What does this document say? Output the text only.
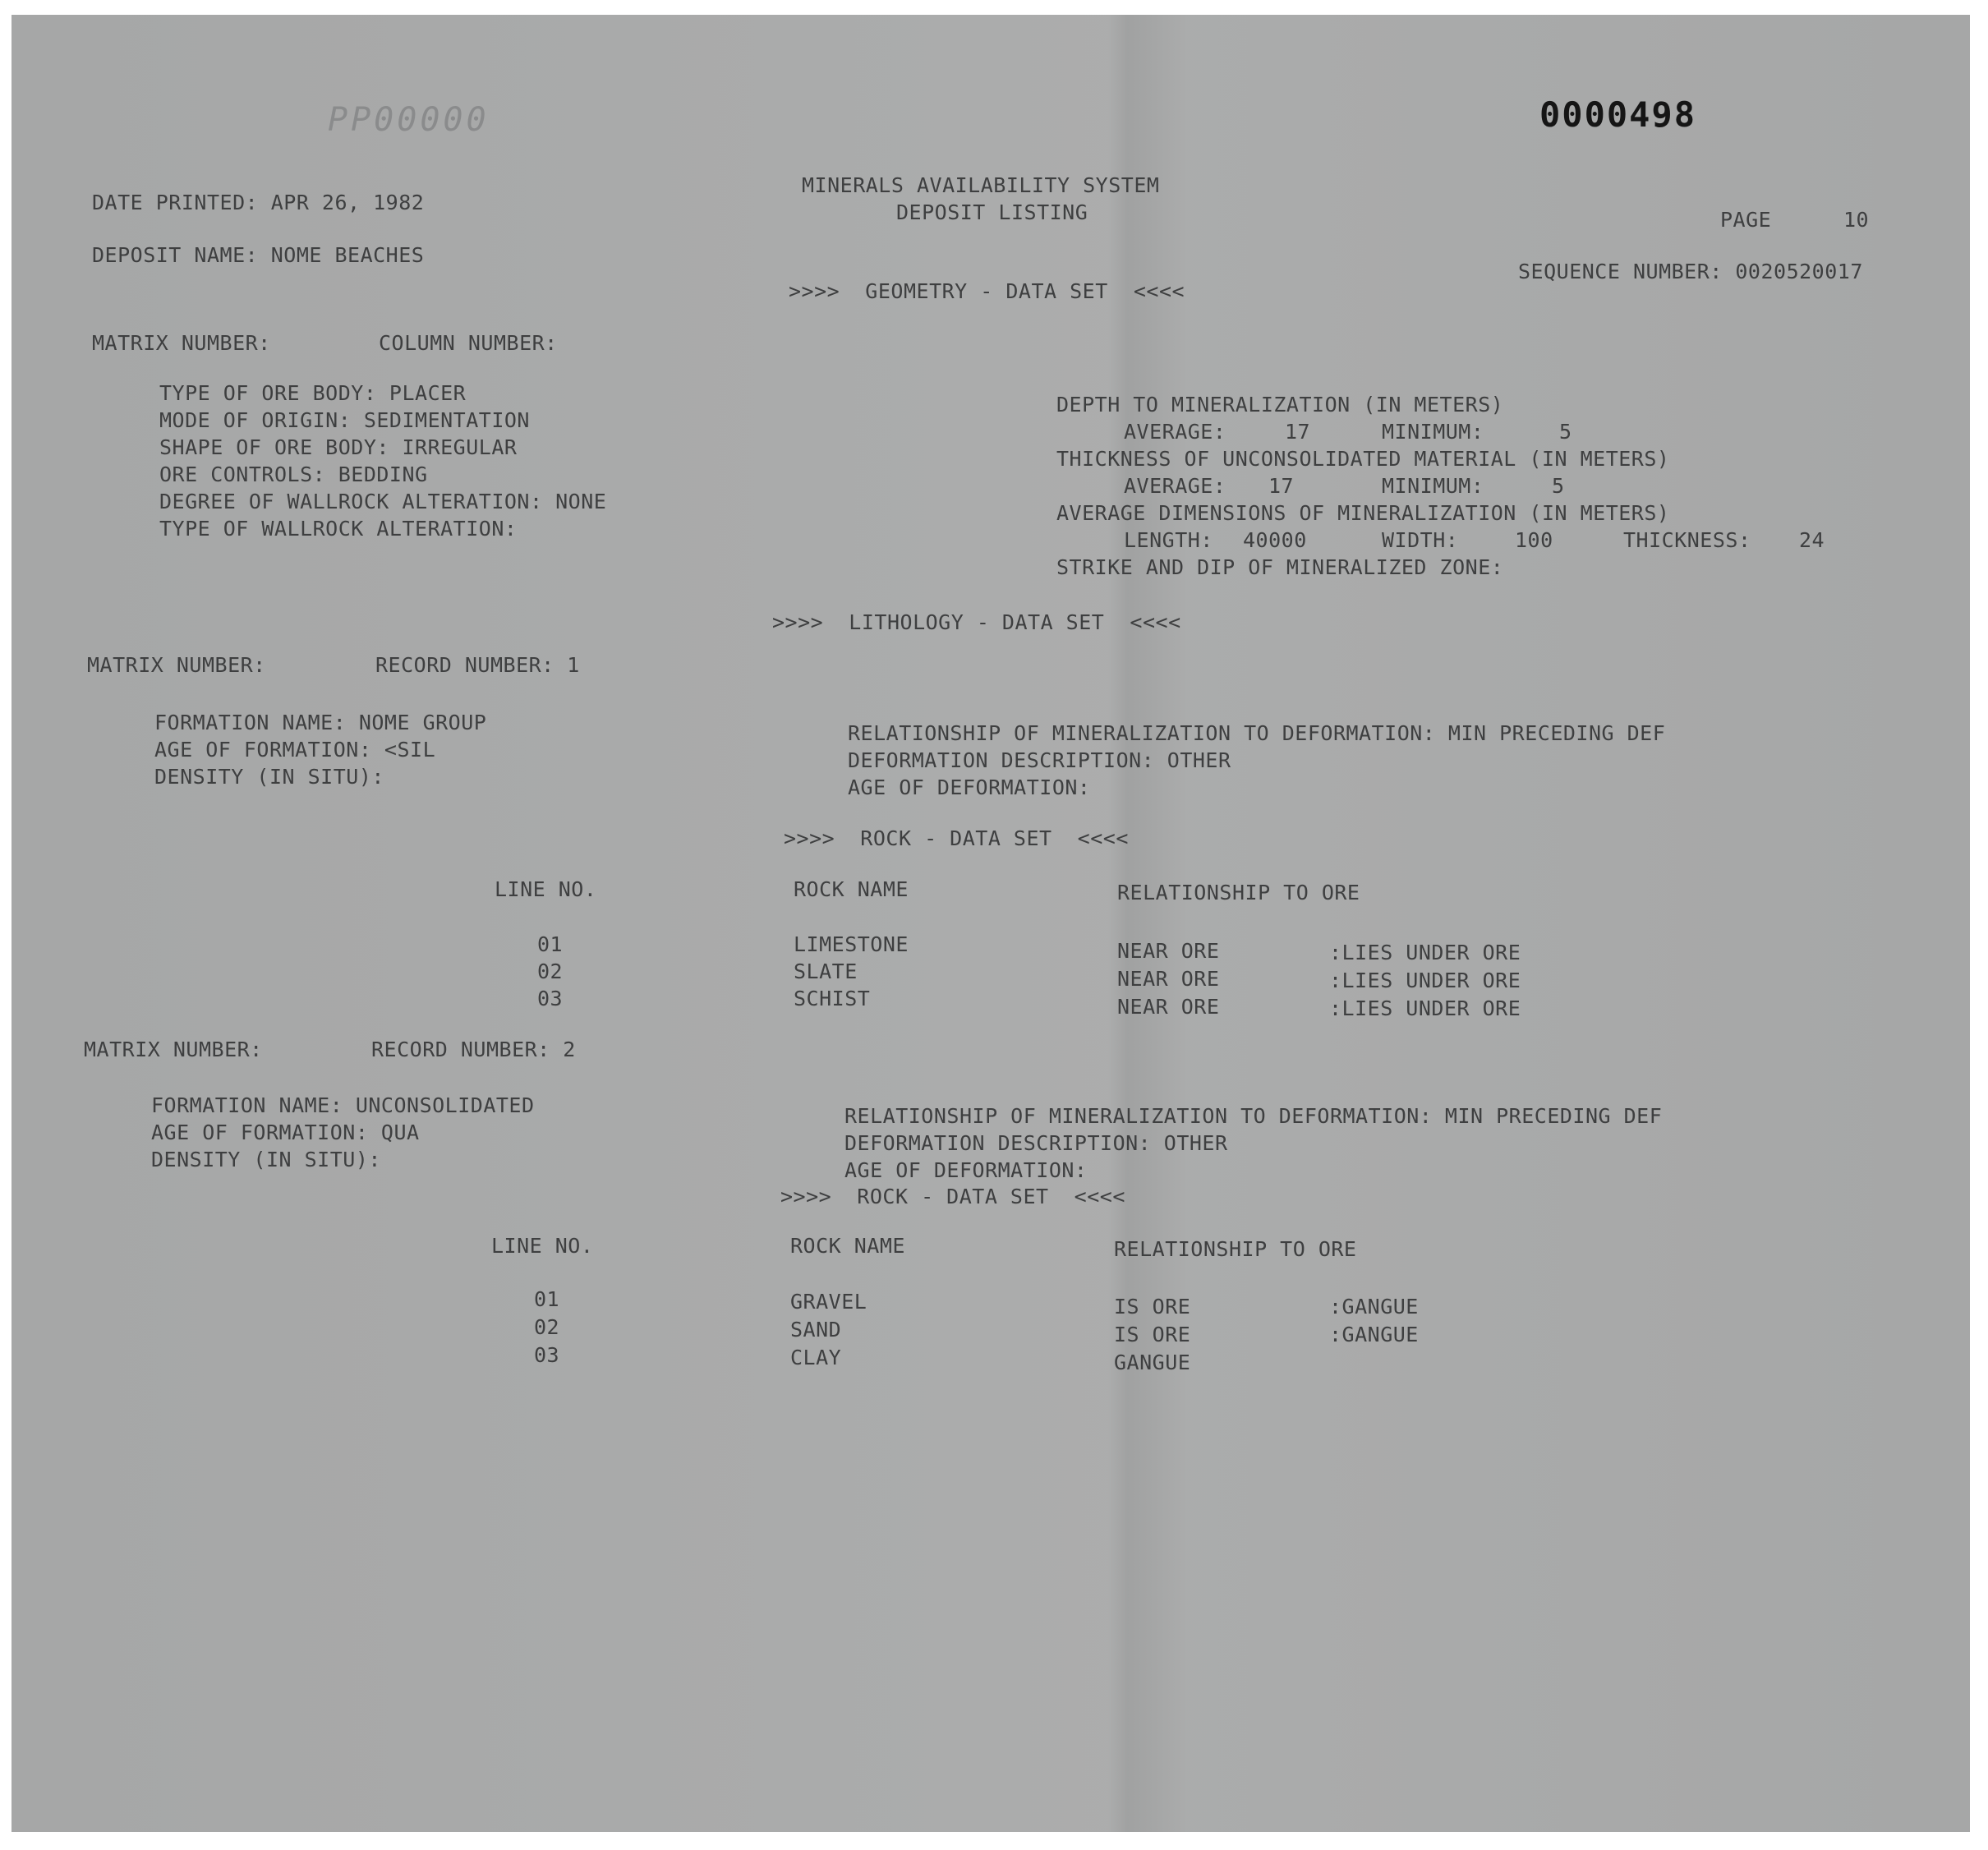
PP00000	0000498
DATE PRINTED: APR 26, 1982
DEPOSIT NAME: NOME BEACHES
MINERALS AVAILABILITY SYSTEM
DEPOSIT LISTING	PAGE	10
SEQUENCE NUMBER: 0020520017
>>>>  GEOMETRY - DATA SET  <<<<
MATRIX NUMBER:	COLUMN NUMBER:
TYPE OF ORE BODY: PLACER
MODE OF ORIGIN: SEDIMENTATION
SHAPE OF ORE BODY: IRREGULAR
ORE CONTROLS: BEDDING
DEGREE OF WALLROCK ALTERATION: NONE
TYPE OF WALLROCK ALTERATION:
DEPTH TO MINERALIZATION (IN METERS)
AVERAGE:	17	MINIMUM:	5
THICKNESS OF UNCONSOLIDATED MATERIAL (IN METERS)
AVERAGE: 17	MINIMUM:	5
AVERAGE DIMENSIONS OF MINERALIZATION (IN METERS)
LENGTH: 40000	WIDTH:	100	THICKNESS: 24
STRIKE AND DIP OF MINERALIZED ZONE:
>>>>  LITHOLOGY - DATA SET  <<<<
MATRIX NUMBER:	RECORD NUMBER: 1
FORMATION NAME: NOME GROUP
AGE OF FORMATION: <SIL
DENSITY (IN SITU):
RELATIONSHIP OF MINERALIZATION TO DEFORMATION: MIN PRECEDING DEF
DEFORMATION DESCRIPTION: OTHER
AGE OF DEFORMATION:
>>>>  ROCK - DATA SET  <<<<
LINE NO.	ROCK NAME	RELATIONSHIP TO ORE
01	LIMESTONE	NEAR ORE	:LIES UNDER ORE
02	SLATE	NEAR ORE	:LIES UNDER ORE
03	SCHIST	NEAR ORE	:LIES UNDER ORE
MATRIX NUMBER:	RECORD NUMBER: 2
FORMATION NAME: UNCONSOLIDATED
AGE OF FORMATION: QUA
DENSITY (IN SITU):
RELATIONSHIP OF MINERALIZATION TO DEFORMATION: MIN PRECEDING DEF
DEFORMATION DESCRIPTION: OTHER
AGE OF DEFORMATION:
>>>>  ROCK - DATA SET  <<<<
LINE NO.	ROCK NAME	RELATIONSHIP TO ORE
01	GRAVEL	IS ORE	:GANGUE
02	SAND	IS ORE	:GANGUE
03	CLAY	GANGUE
